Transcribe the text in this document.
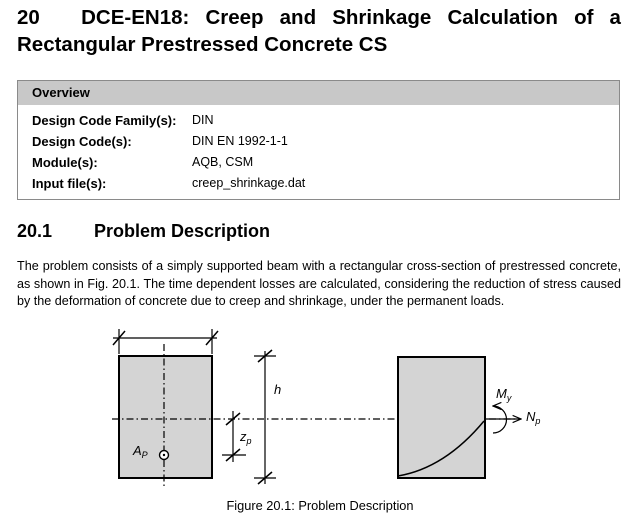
20	DCE-EN18: Creep and Shrinkage Calculation of a
Rectangular Prestressed Concrete CS
Overview
Design Code Family(s):	DIN
Design Code(s):	DIN EN 1992-1-1
Module(s):	AQB, CSM
Input file(s):	creep_shrinkage.dat
20.1 Problem Description
The problem consists of a simply supported beam with a rectangular cross-section of prestressed concrete, as shown in Fig. 20.1. The time dependent losses are calculated, considering the reduction of stress caused by the deformation of concrete due to creep and shrinkage, under the permanent loads.
$A_P$
$z_p$
h	$M_y$
$N_p$
Figure 20.1: Problem Description
